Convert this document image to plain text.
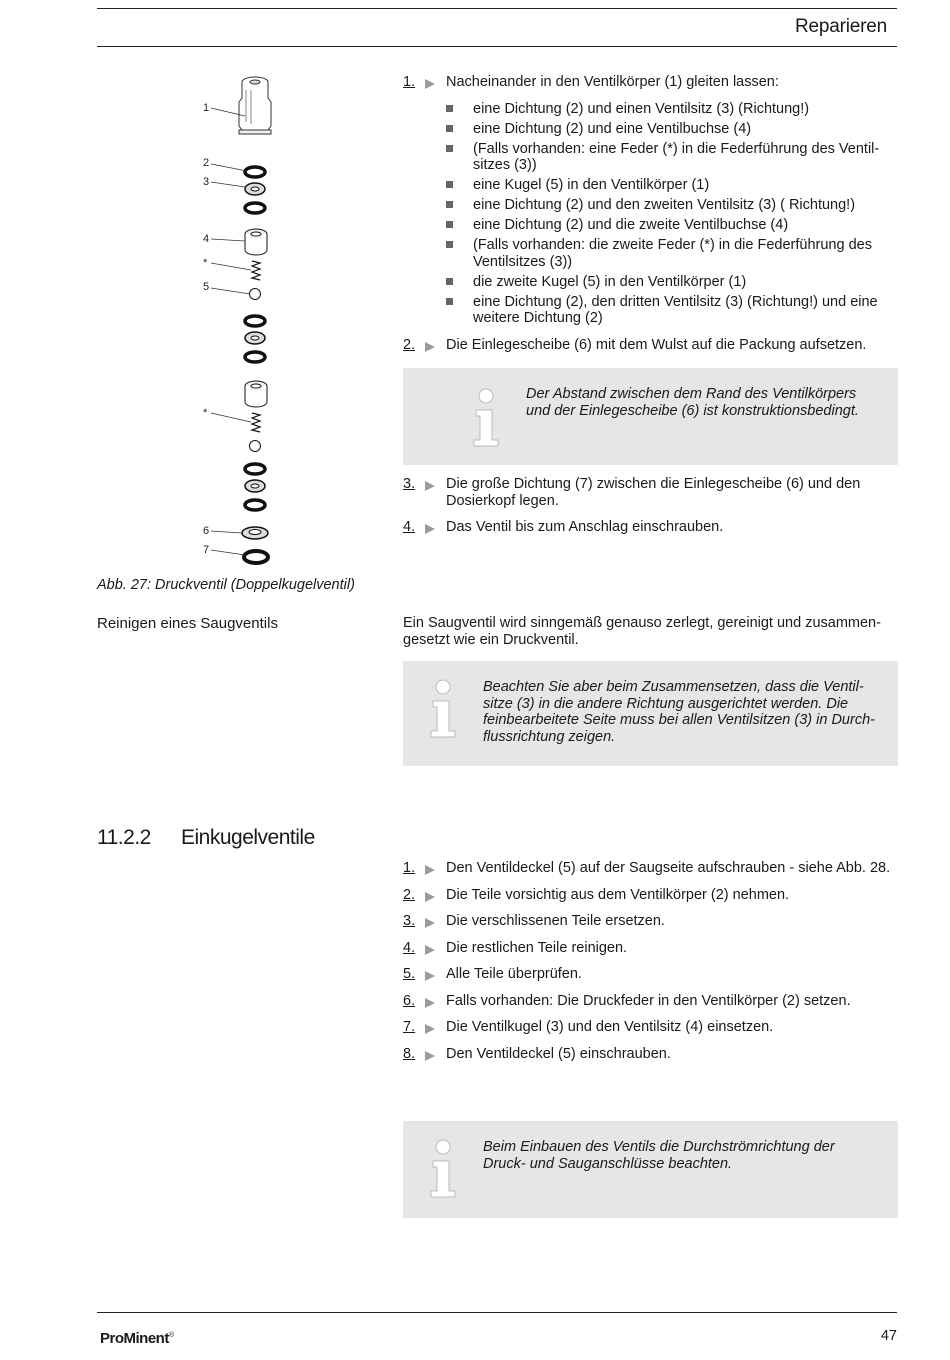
Reparieren
1
2
3
4
*
5
*
6
7
Abb. 27: Druckventil (Doppelkugelventil)
1. Nacheinander in den Ventilkörper (1) gleiten lassen:
eine Dichtung (2) und einen Ventilsitz (3) (Richtung!)
eine Dichtung (2) und eine Ventilbuchse (4)
(Falls vorhanden: eine Feder (*) in die Federführung des Ventil-sitzes (3))
eine Kugel (5) in den Ventilkörper (1)
eine Dichtung (2) und den zweiten Ventilsitz (3) ( Richtung!)
eine Dichtung (2) und die zweite Ventilbuchse (4)
(Falls vorhanden: die zweite Feder (*) in die Federführung des Ventilsitzes (3))
die zweite Kugel (5) in den Ventilkörper (1)
eine Dichtung (2), den dritten Ventilsitz (3) (Richtung!) und eine weitere Dichtung (2)
2. Die Einlegescheibe (6) mit dem Wulst auf die Packung aufsetzen.
Der Abstand zwischen dem Rand des Ventilkörpers und der Einlegescheibe (6) ist konstruktionsbedingt.
3. Die große Dichtung (7) zwischen die Einlegescheibe (6) und den Dosierkopf legen.
4. Das Ventil bis zum Anschlag einschrauben.
Reinigen eines Saugventils	Ein Saugventil wird sinngemäß genauso zerlegt, gereinigt und zusammen-gesetzt wie ein Druckventil.
Beachten Sie aber beim Zusammensetzen, dass die Ventil-sitze (3) in die andere Richtung ausgerichtet werden. Die feinbearbeitete Seite muss bei allen Ventilsitzen (3) in Durch-flussrichtung zeigen.
11.2.2 Einkugelventile
1. Den Ventildeckel (5) auf der Saugseite aufschrauben - siehe Abb. 28.
2. Die Teile vorsichtig aus dem Ventilkörper (2) nehmen.
3. Die verschlissenen Teile ersetzen.
4. Die restlichen Teile reinigen.
5. Alle Teile überprüfen.
6. Falls vorhanden: Die Druckfeder in den Ventilkörper (2) setzen.
7. Die Ventilkugel (3) und den Ventilsitz (4) einsetzen.
8. Den Ventildeckel (5) einschrauben.
Beim Einbauen des Ventils die Durchströmrichtung der Druck- und Sauganschlüsse beachten.
ProMinent®	47
